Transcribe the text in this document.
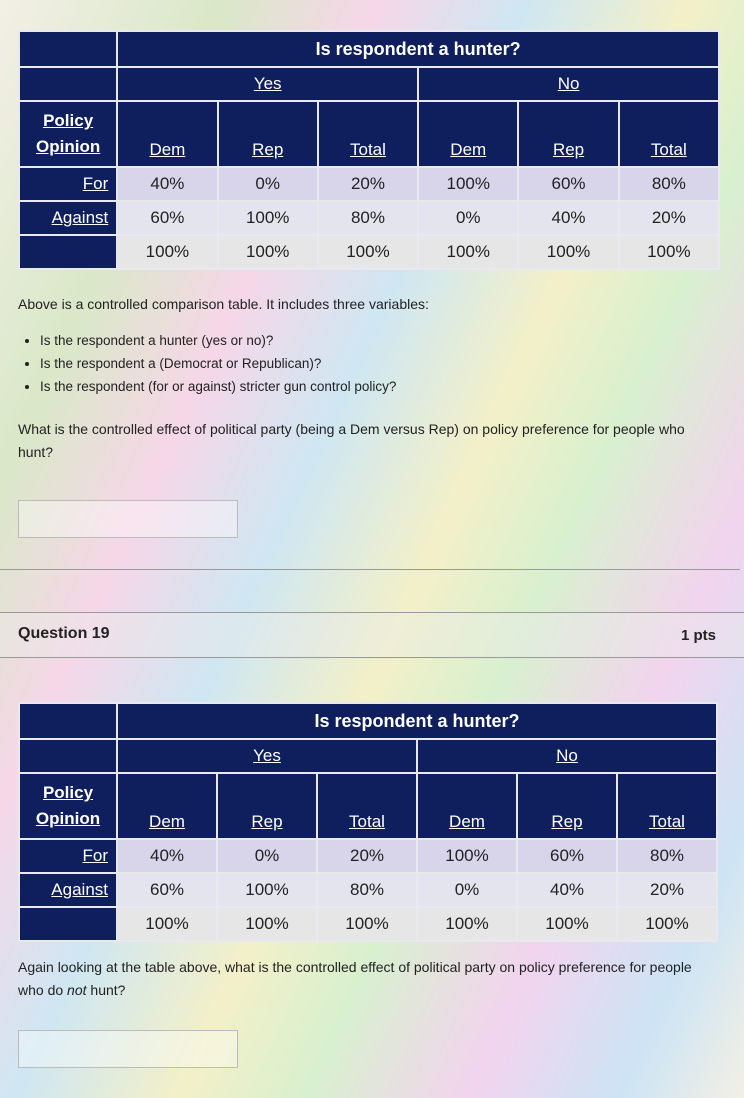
	Is respondent a hunter?					
	Yes			No		

Policy
Opinion	Dem	Rep	Total	Dem	Rep	Total
For	40%	0%	20%	100%	60%	80%
Against	60%	100%	80%	0%	40%	20%
	100%	100%	100%	100%	100%	100%

Above is a controlled comparison table. It includes three variables:

• Is the respondent a hunter (yes or no)?
• Is the respondent a (Democrat or Republican)?
• Is the respondent (for or against) stricter gun control policy?

What is the controlled effect of political party (being a Dem versus Rep) on policy preference for people who hunt?

Question 19	1 pts
	Is respondent a hunter?					
	Yes			No		

Policy
Opinion	Dem	Rep	Total	Dem	Rep	Total
For	40%	0%	20%	100%	60%	80%
Against	60%	100%	80%	0%	40%	20%
	100%	100%	100%	100%	100%	100%

Again looking at the table above, what is the controlled effect of political party on policy preference for people who do not hunt?
